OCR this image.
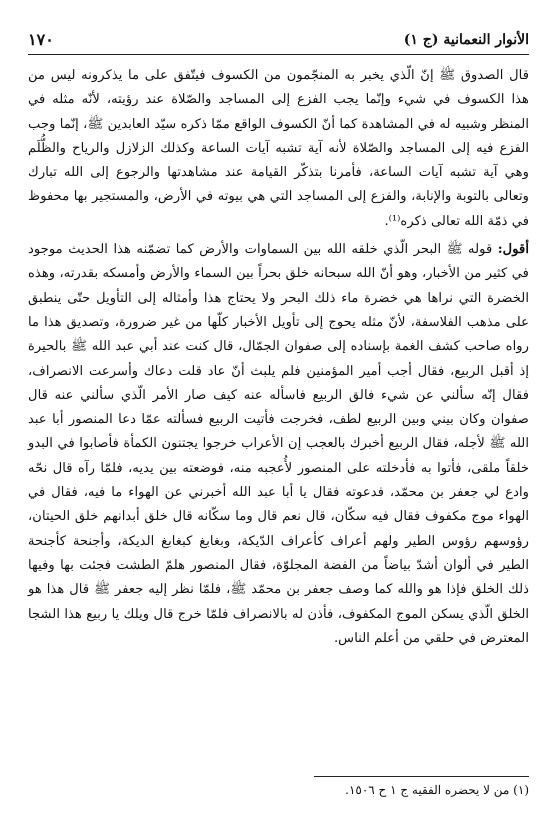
الأنوار النعمانية (ج ١)
١٧٠

قال الصدوق ﷺ إنّ الّذي يخبر به المنجّمون من الكسوف فيتّفق على ما يذكرونه ليس من هذا الكسوف في شيء وإنّما يجب الفزع إلى المساجد والصّلاة عند رؤيته، لأنّه مثله في المنظر وشبيه له في المشاهدة كما أنّ الكسوف الواقع ممّا ذكره سيّد العابدين ﷺ، إنّما وجب الفزع فيه إلى المساجد والصّلاة لأنه آية تشبه آيات الساعة وكذلك الزلازل والرياح والظُّلَم وهي آية تشبه آيات الساعة، فأمرنا بتذكّر القيامة عند مشاهدتها والرجوع إلى الله تبارك وتعالى بالتوبة والإنابة، والفزع إلى المساجد التي هي بيوته في الأرض، والمستجير بها محفوظ في ذمّة الله تعالى ذكره⁽¹⁾.

أقول: قوله ﷺ البحر الّذي خلقه الله بين السماوات والأرض كما تضمّنه هذا الحديث موجود في كثير من الأخبار، وهو أنّ الله سبحانه خلق بحراً بين السماء والأرض وأمسكه بقدرته، وهذه الخضرة التي نراها هي خضرة ماء ذلك البحر ولا يحتاج هذا وأمثاله إلى التأويل حتّى ينطبق على مذهب الفلاسفة، لأنّ مثله يحوج إلى تأويل الأخبار كلّها من غير ضرورة، وتصديق هذا ما رواه صاحب كشف الغمة بإسناده إلى صفوان الجمّال، قال كنت عند أبي عبد الله ﷺ بالحيرة إذ أقبل الربيع، فقال أجب أمير المؤمنين فلم يلبث أنّ عاد قلت دعاك وأسرعت الانصراف، فقال إنّه سألني عن شيء فالق الربيع فاسأله عنه كيف صار الأمر الّذي سألني عنه قال صفوان وكان بيني وبين الربيع لطف، فخرجت فأتيت الربيع فسألته عمّا دعا المنصور أبا عبد الله ﷺ لأجله، فقال الربيع أخبرك بالعجب إن الأعراب خرجوا يجتنون الكمأة فأصابوا في البدو خلقاً ملقى، فأتوا به فأدخلته على المنصور لأُعجبه منه، فوضعته بين يديه، فلمّا رآه قال نحّه وادع لي جعفر بن محمّد، فدعوته فقال يا أبا عبد الله أخبرني عن الهواء ما فيه، فقال في الهواء موج مكفوف فقال فيه سكّان، قال نعم قال وما سكّانه قال خلق أبدانهم خلق الحيتان، رؤوسهم رؤوس الطير ولهم أعراف كأعراف الدّيكة، وبغابغ كبغابغ الديكة، وأجنحة كأجنحة الطير في ألوان أشدّ بياضاً من الفضة المجلوّة، فقال المنصور هلمّ الطشت فجئت بها وفيها ذلك الخلق فإذا هو والله كما وصف جعفر بن محمّد ﷺ، فلمّا نظر إليه جعفر ﷺ قال هذا هو الخلق الّذي يسكن الموج المكفوف، فأذن له بالانصراف فلمّا خرج قال ويلك يا ربيع هذا الشجا المعترض في حلقي من أعلم الناس.

(١) من لا يحضره الفقيه ج ١ ح ١٥٠٦.
